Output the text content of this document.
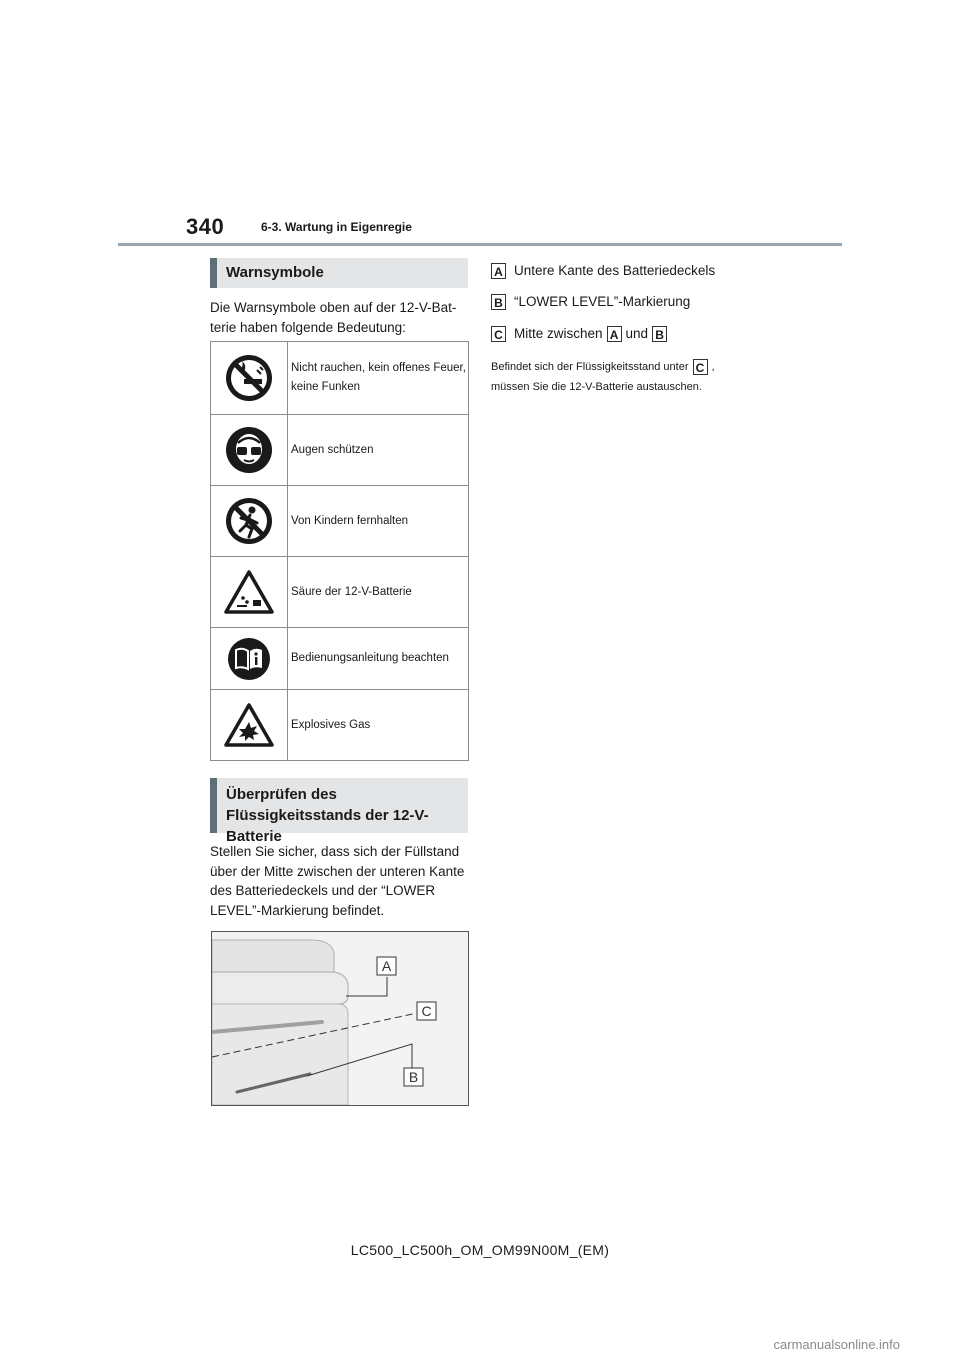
340	6-3. Wartung in Eigenregie
Warnsymbole
Die Warnsymbole oben auf der 12-V-Bat-terie haben folgende Bedeutung:
	Nicht rauchen, kein offenes Feuer, keine Funken

	Augen schützen

	Von Kindern fernhalten

	Säure der 12-V-Batterie

	Bedienungsanleitung beachten

	Explosives Gas
Überprüfen des Flüssigkeitsstands der 12-V-Batterie
Stellen Sie sicher, dass sich der Füllstand über der Mitte zwischen der unteren Kante des Batteriedeckels und der “LOWER LEVEL”-Markierung befindet.
A
C
B
A Untere Kante des Batteriedeckels
B “LOWER LEVEL”-Markierung
C Mitte zwischen A und B
Befindet sich der Flüssigkeitsstand unter C ,
müssen Sie die 12-V-Batterie austauschen.
LC500_LC500h_OM_OM99N00M_(EM)
carmanualsonline.info
